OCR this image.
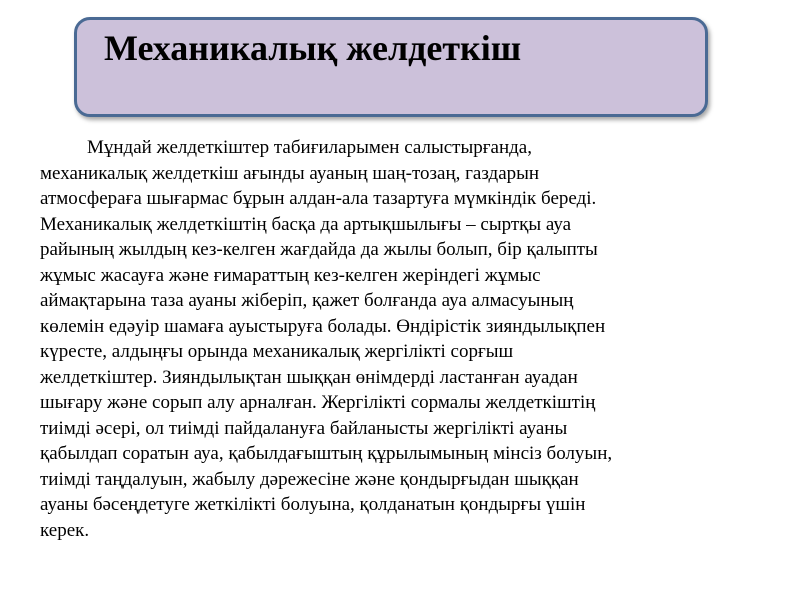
Механикалық желдеткіш

Мұндай желдеткіштер табиғиларымен салыстырғанда,
механикалық желдеткіш ағынды ауаның шаң-тозаң, газдарын
атмосфераға шығармас бұрын алдан-ала тазартуға мүмкіндік береді.
Механикалық желдеткіштің басқа да артықшылығы – сыртқы ауа
райының жылдың кез-келген жағдайда да жылы болып, бір қалыпты
жұмыс жасауға және ғимараттың кез-келген жеріндегі жұмыс
аймақтарына таза ауаны жіберіп, қажет болғанда ауа алмасуының
көлемін едәуір шамаға ауыстыруға болады. Өндірістік зияндылықпен
күресте, алдыңғы орында механикалық жергілікті сорғыш
желдеткіштер. Зияндылықтан шыққан өнімдерді ластанған ауадан
шығару және сорып алу арналған. Жергілікті сормалы желдеткіштің
тиімді әсері, ол тиімді пайдалануға байланысты жергілікті ауаны
қабылдап соратын ауа, қабылдағыштың құрылымының мінсіз болуын,
тиімді таңдалуын, жабылу дәрежесіне және қондырғыдан шыққан
ауаны бәсеңдетуге жеткілікті болуына, қолданатын қондырғы үшін
керек.
